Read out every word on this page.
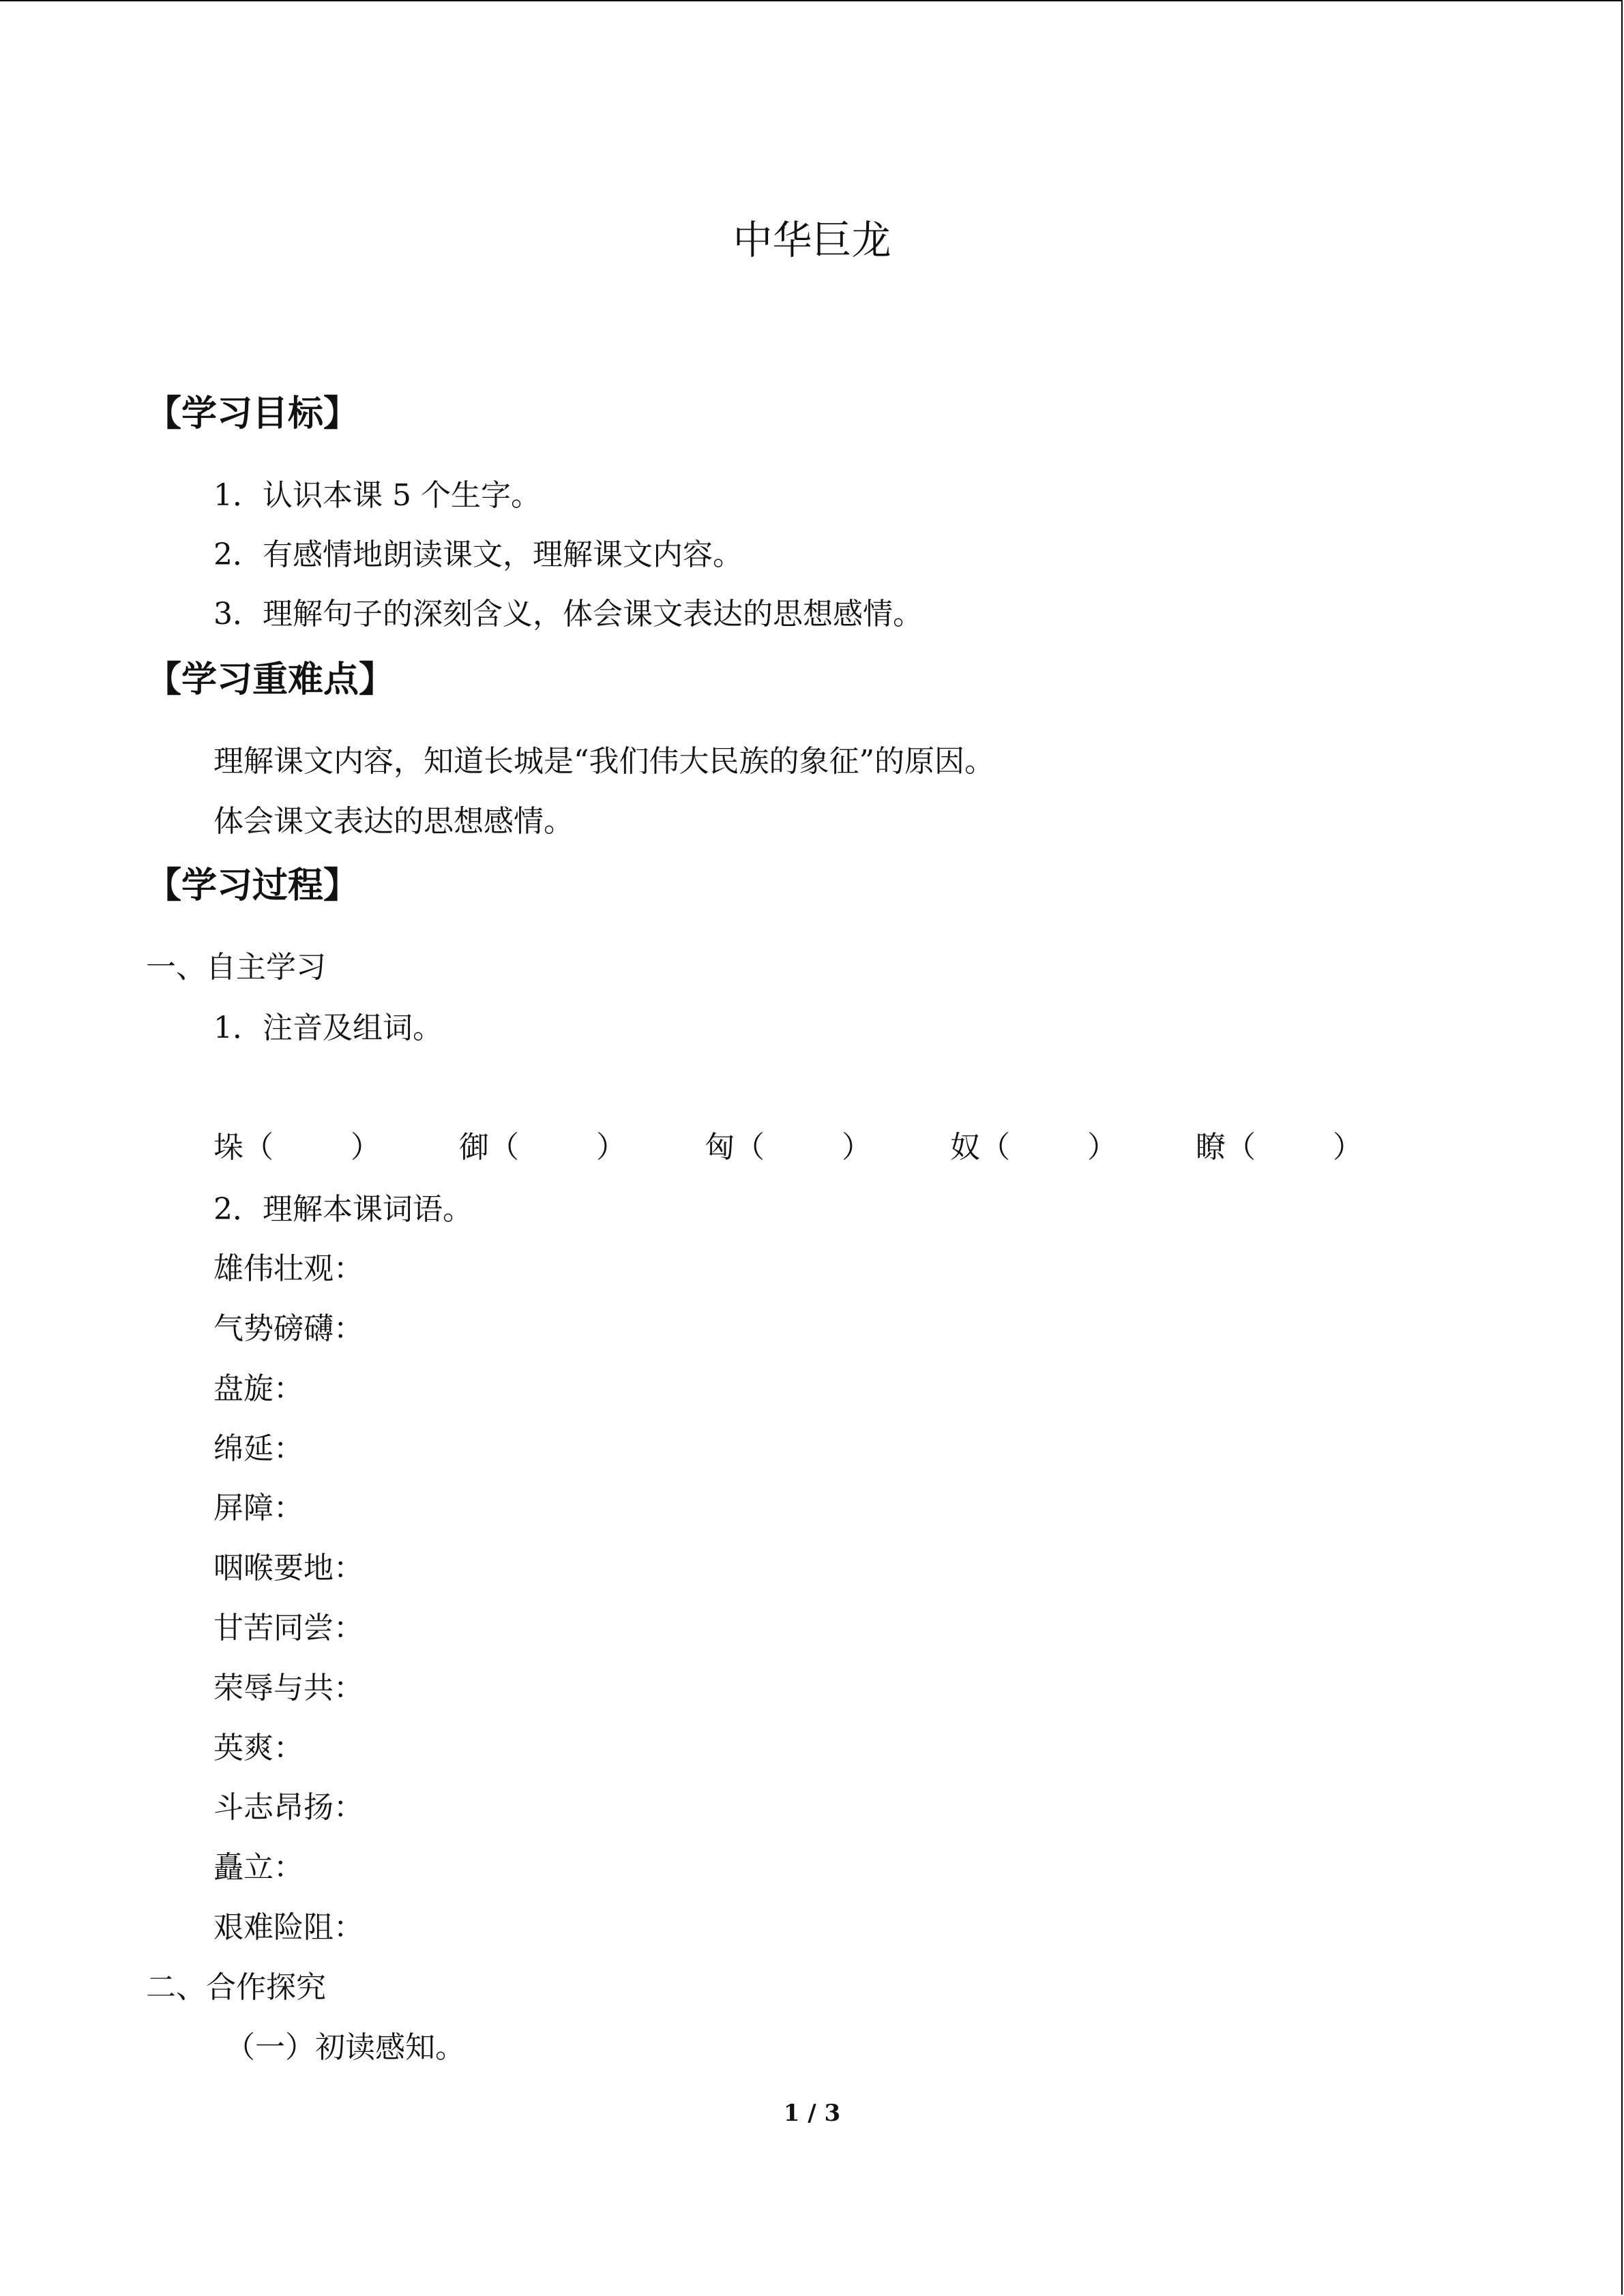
中华巨龙
【学习目标】
1．认识本课 5 个生字。
2．有感情地朗读课文，理解课文内容。
3．理解句子的深刻含义，体会课文表达的思想感情。
【学习重难点】
理解课文内容，知道长城是“我们伟大民族的象征”的原因。
体会课文表达的思想感情。
【学习过程】
一、自主学习
1．注音及组词。
垛（	）	御（	）	匈（	）	奴（	）	瞭（	）
2．理解本课词语。
雄伟壮观：
气势磅礴：
盘旋：
绵延：
屏障：
咽喉要地：
甘苦同尝：
荣辱与共：
英爽：
斗志昂扬：
矗立：
艰难险阻：
二、合作探究
（一）初读感知。
1 / 3
